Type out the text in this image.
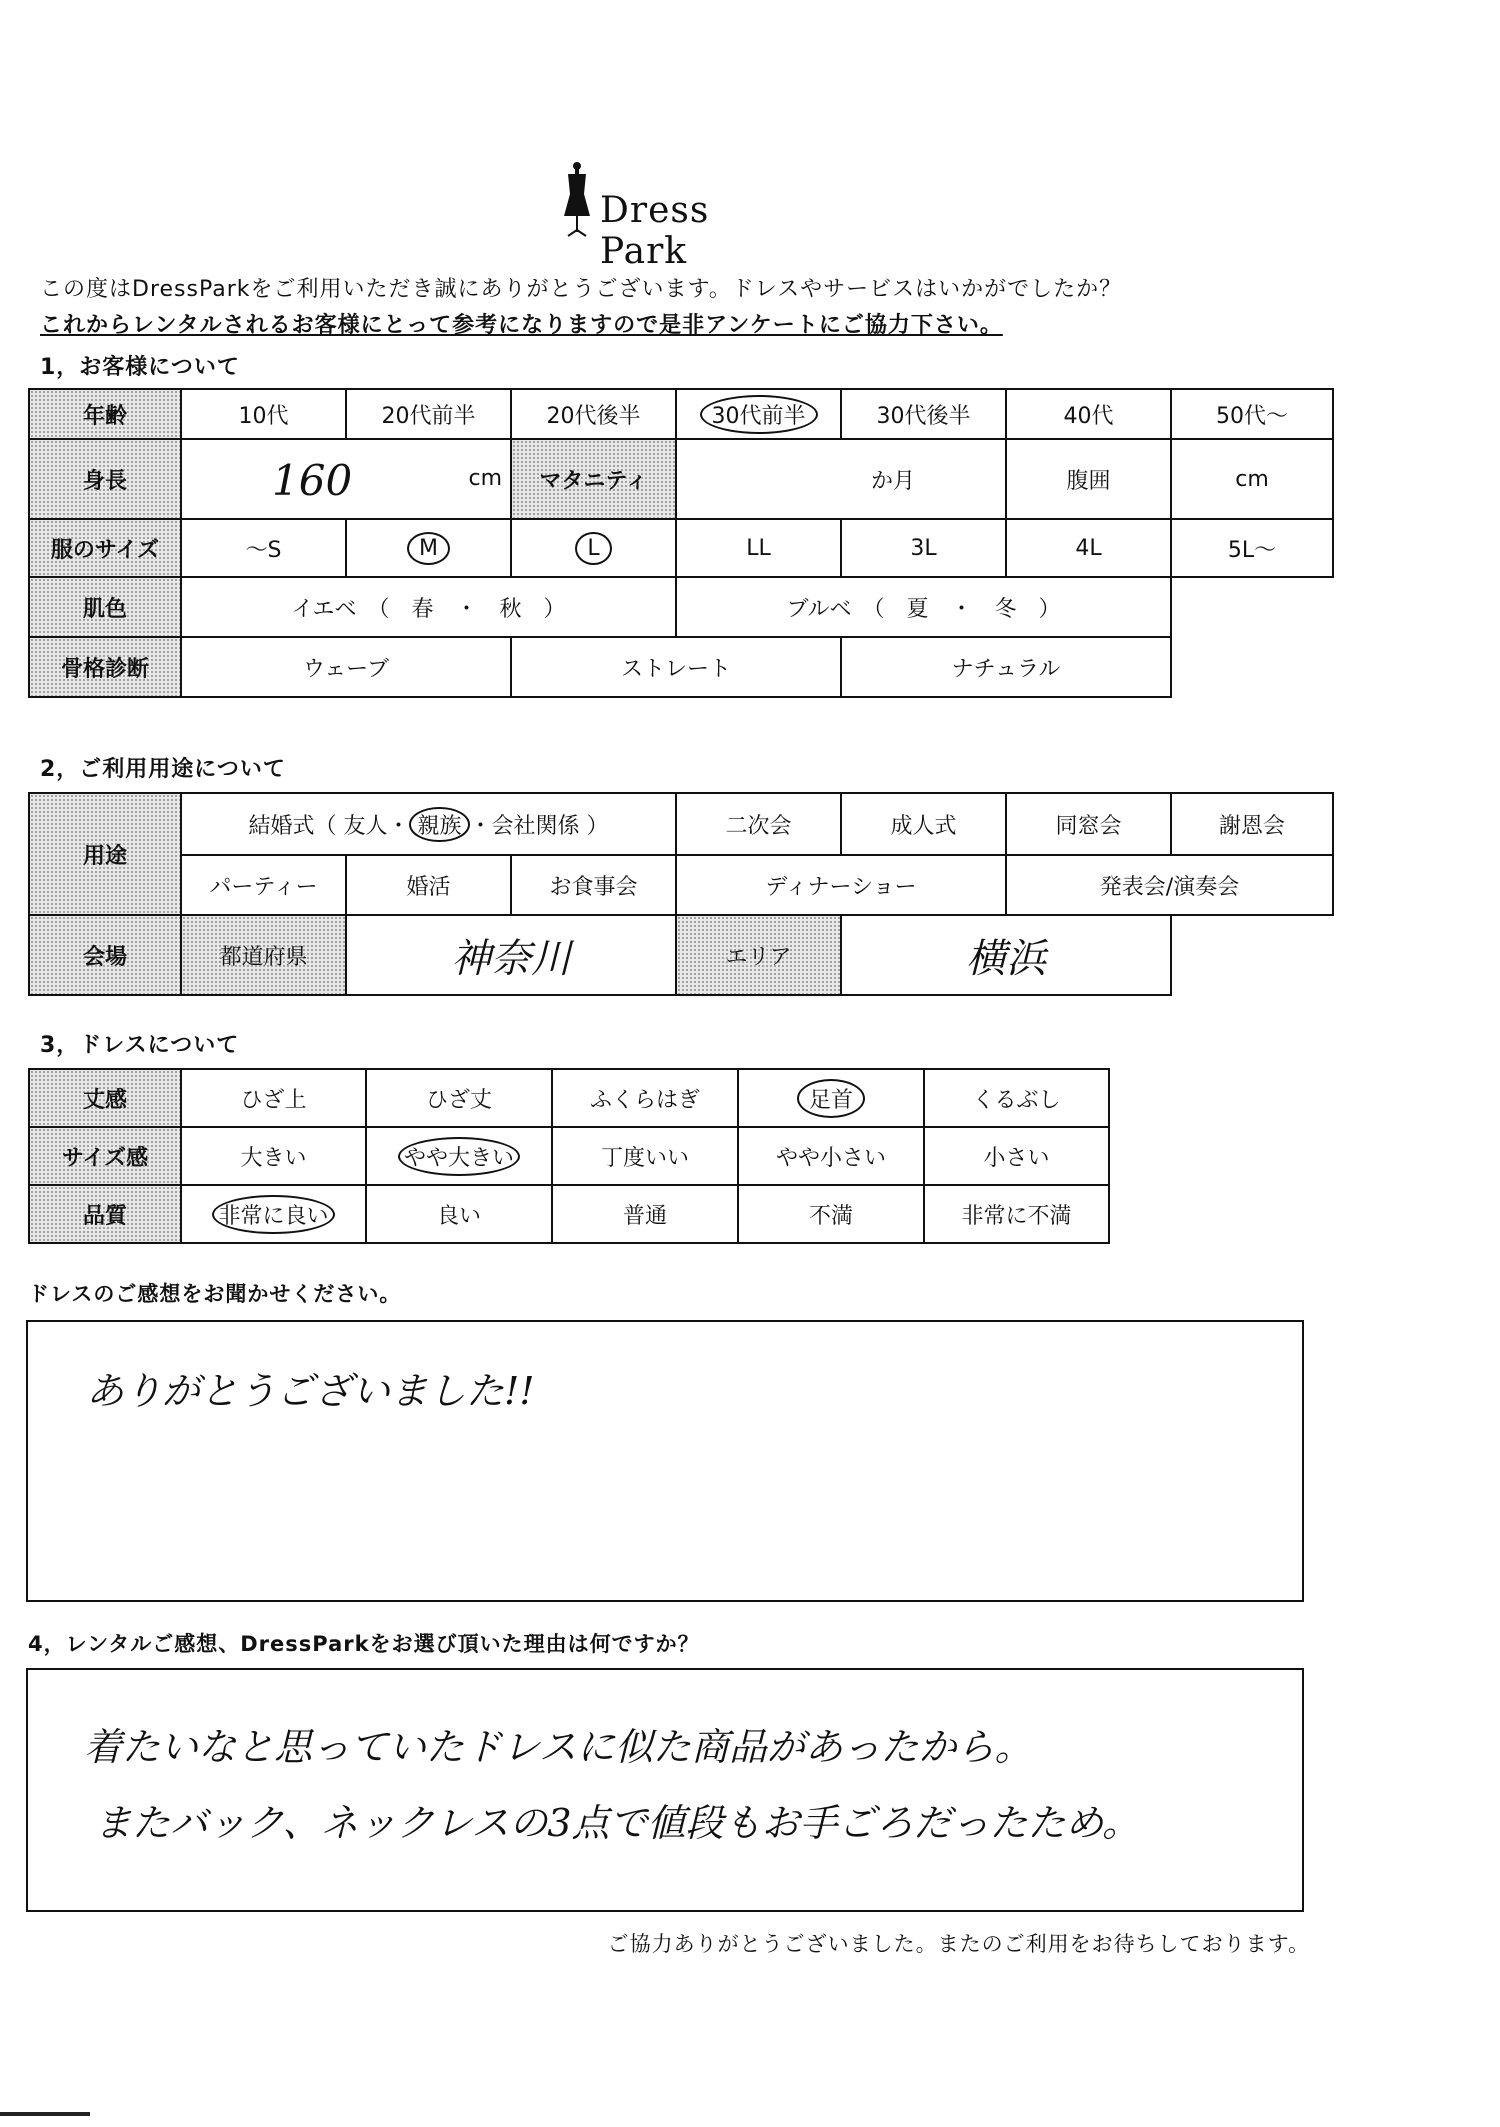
Dress Park
この度はDressParkをご利用いただき誠にありがとうございます。ドレスやサービスはいかがでしたか？
これからレンタルされるお客様にとって参考になりますので是非アンケートにご協力下さい。
1，お客様について
年齢	10代	20代前半	20代後半	30代前半	30代後半	40代	50代〜
身長	160 cm		マタニティ	か月		腹囲	cm
服のサイズ	〜S	M	L	LL	3L	4L	5L〜
肌色	イエベ　（　春　・　秋　）			ブルベ　（　夏　・　冬　）			
骨格診断	ウェーブ		ストレート		ナチュラル		
2，ご利用用途について
用途	結婚式（ 友人・ 親族 ・会社関係 ）			二次会	成人式	同窓会	謝恩会
	パーティー	婚活	お食事会	ディナーショー		発表会/演奏会	
会場	都道府県	神奈川		エリア	横浜		
3，ドレスについて
丈感	ひざ上	ひざ丈	ふくらはぎ	足首	くるぶし
サイズ感	大きい	やや大きい	丁度いい	やや小さい	小さい
品質	非常に良い	良い	普通	不満	非常に不満
ドレスのご感想をお聞かせください。
ありがとうございました!!
4，レンタルご感想、DressParkをお選び頂いた理由は何ですか？
着たいなと思っていたドレスに似た商品があったから。
またバック、ネックレスの3点で値段もお手ごろだったため。
ご協力ありがとうございました。またのご利用をお待ちしております。
